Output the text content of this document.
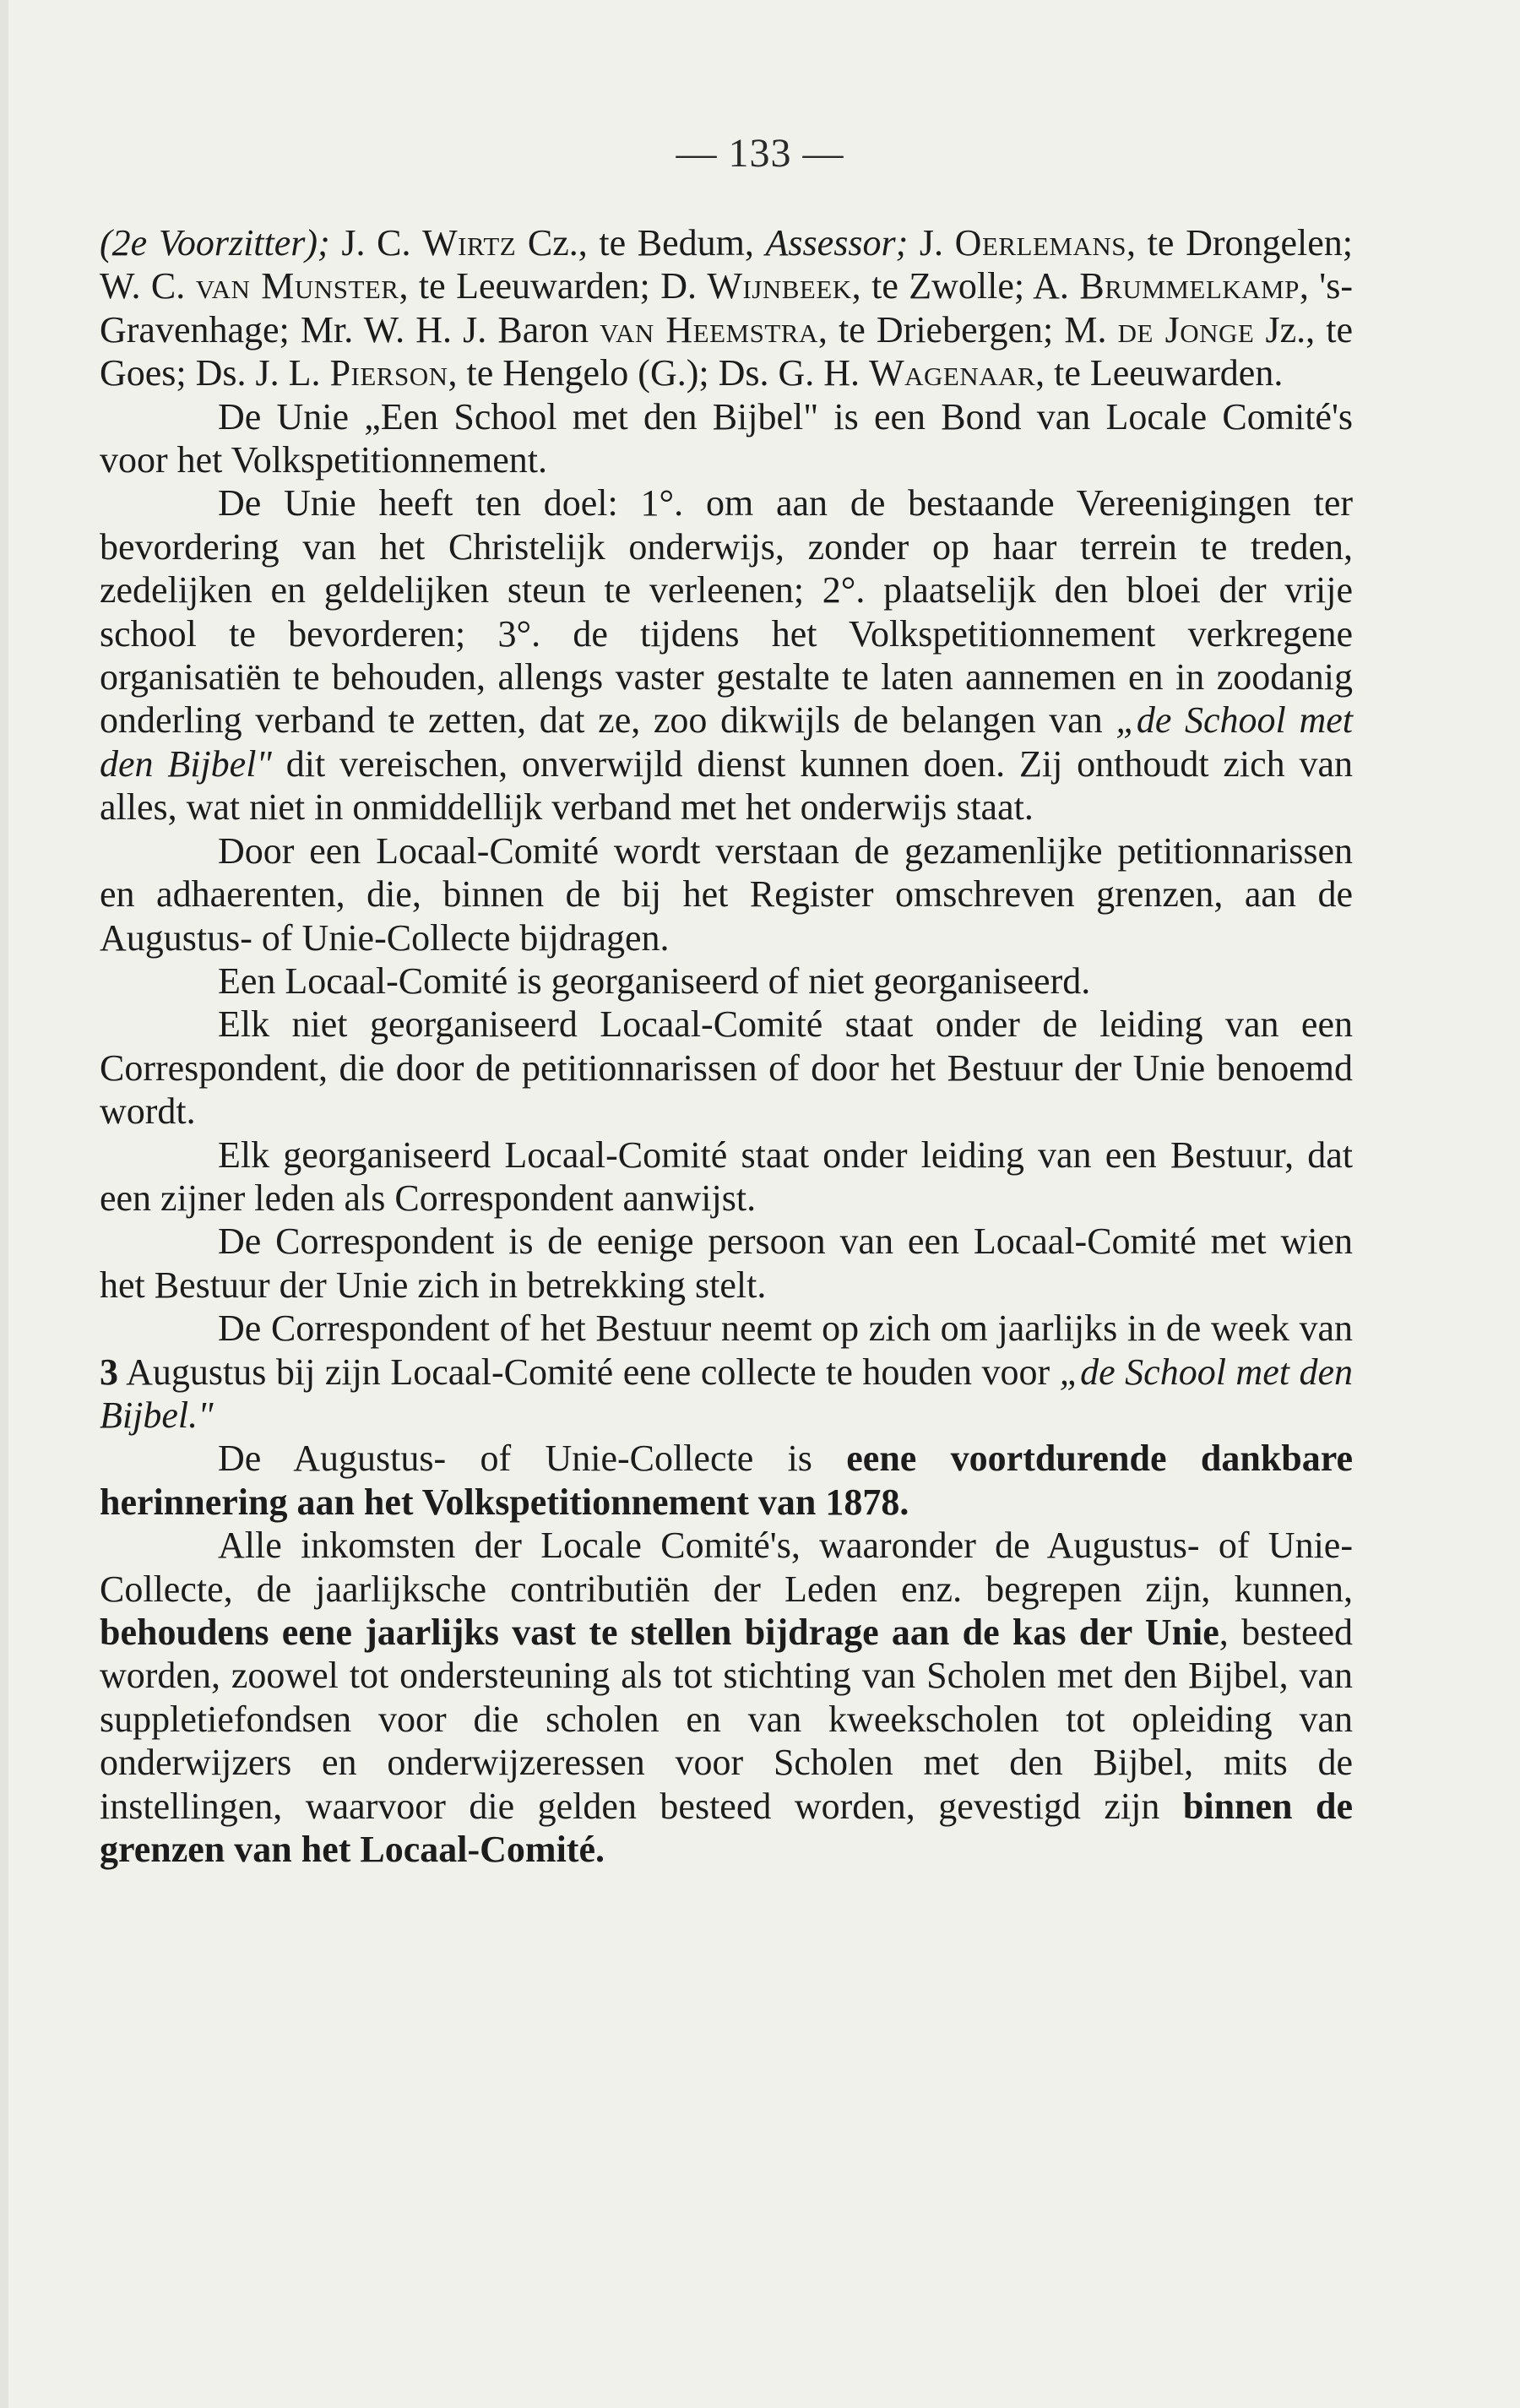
— 133 —

(2e Voorzitter); J. C. Wirtz Cz., te Bedum, Assessor; J. Oerlemans, te Drongelen; W. C. van Munster, te Leeuwarden; D. Wijnbeek, te Zwolle; A. Brummelkamp, 's-Gravenhage; Mr. W. H. J. Baron van Heemstra, te Driebergen; M. de Jonge Jz., te Goes; Ds. J. L. Pierson, te Hengelo (G.); Ds. G. H. Wagenaar, te Leeuwarden.

De Unie „Een School met den Bijbel" is een Bond van Locale Comité's voor het Volkspetitionnement.

De Unie heeft ten doel: 1°. om aan de bestaande Vereenigingen ter bevordering van het Christelijk onderwijs, zonder op haar terrein te treden, zedelijken en geldelijken steun te verleenen; 2°. plaatselijk den bloei der vrije school te bevorderen; 3°. de tijdens het Volkspetitionnement verkregene organisatiën te behouden, allengs vaster gestalte te laten aannemen en in zoodanig onderling verband te zetten, dat ze, zoo dikwijls de belangen van „de School met den Bijbel" dit vereischen, onverwijld dienst kunnen doen. Zij onthoudt zich van alles, wat niet in onmiddellijk verband met het onderwijs staat.

Door een Locaal-Comité wordt verstaan de gezamenlijke petitionnarissen en adhaerenten, die, binnen de bij het Register omschreven grenzen, aan de Augustus- of Unie-Collecte bijdragen.

Een Locaal-Comité is georganiseerd of niet georganiseerd.

Elk niet georganiseerd Locaal-Comité staat onder de leiding van een Correspondent, die door de petitionnarissen of door het Bestuur der Unie benoemd wordt.

Elk georganiseerd Locaal-Comité staat onder leiding van een Bestuur, dat een zijner leden als Correspondent aanwijst.

De Correspondent is de eenige persoon van een Locaal-Comité met wien het Bestuur der Unie zich in betrekking stelt.

De Correspondent of het Bestuur neemt op zich om jaarlijks in de week van 3 Augustus bij zijn Locaal-Comité eene collecte te houden voor „de School met den Bijbel."

De Augustus- of Unie-Collecte is eene voortdurende dankbare herinnering aan het Volkspetitionnement van 1878.

Alle inkomsten der Locale Comité's, waaronder de Augustus- of Unie-Collecte, de jaarlijksche contributiën der Leden enz. begrepen zijn, kunnen, behoudens eene jaarlijks vast te stellen bijdrage aan de kas der Unie, besteed worden, zoowel tot ondersteuning als tot stichting van Scholen met den Bijbel, van suppletiefondsen voor die scholen en van kweekscholen tot opleiding van onderwijzers en onderwijzeressen voor Scholen met den Bijbel, mits de instellingen, waarvoor die gelden besteed worden, gevestigd zijn binnen de grenzen van het Locaal-Comité.
